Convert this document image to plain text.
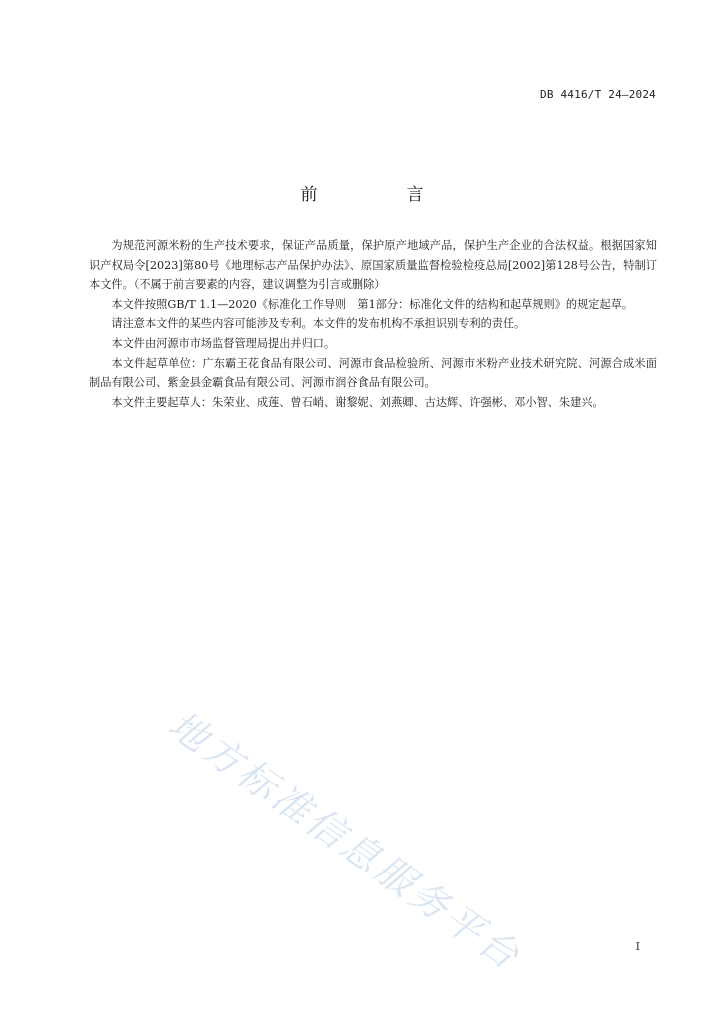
DB 4416/T 24—2024
前　言

为规范河源米粉的生产技术要求，保证产品质量，保护原产地域产品，保护生产企业的合法权益。根据国家知识产权局令[2023]第80号《地理标志产品保护办法》、原国家质量监督检验检疫总局[2002]第128号公告，特制订本文件。（不属于前言要素的内容，建议调整为引言或删除）

本文件按照GB/T 1.1—2020《标准化工作导则　第1部分：标准化文件的结构和起草规则》的规定起草。

请注意本文件的某些内容可能涉及专利。本文件的发布机构不承担识别专利的责任。

本文件由河源市市场监督管理局提出并归口。

本文件起草单位：广东霸王花食品有限公司、河源市食品检验所、河源市米粉产业技术研究院、河源合成米面制品有限公司、紫金县金霸食品有限公司、河源市润谷食品有限公司。

本文件主要起草人：朱荣业、成莲、曾石峭、谢黎妮、刘燕卿、古达辉、许强彬、邓小智、朱建兴。

地方标准信息服务平台	I
